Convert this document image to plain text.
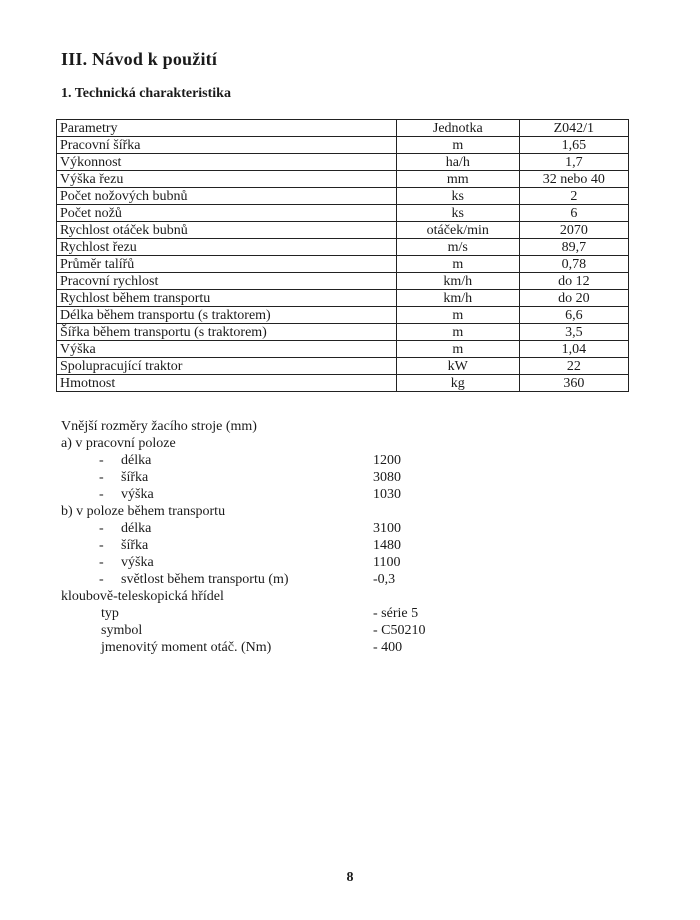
III. Návod k použití
1. Technická charakteristika
Parametry	Jednotka	Z042/1
Pracovní šířka	m	1,65
Výkonnost	ha/h	1,7
Výška řezu	mm	32 nebo 40
Počet nožových bubnů	ks	2
Počet nožů	ks	6
Rychlost otáček bubnů	otáček/min	2070
Rychlost řezu	m/s	89,7
Průměr talířů	m	0,78
Pracovní rychlost	km/h	do 12
Rychlost během transportu	km/h	do 20
Délka během transportu (s traktorem)	m	6,6
Šířka během transportu (s traktorem)	m	3,5
Výška	m	1,04
Spolupracující traktor	kW	22
Hmotnost	kg	360
Vnější rozměry žacího stroje (mm)
a) v pracovní poloze
- délka	1200
- šířka	3080
- výška	1030
b) v poloze během transportu
- délka	3100
- šířka	1480
- výška	1100
- světlost během transportu (m)	-0,3
kloubově-teleskopická hřídel
typ	- série 5
symbol	- C50210
jmenovitý moment otáč. (Nm)	- 400
8
